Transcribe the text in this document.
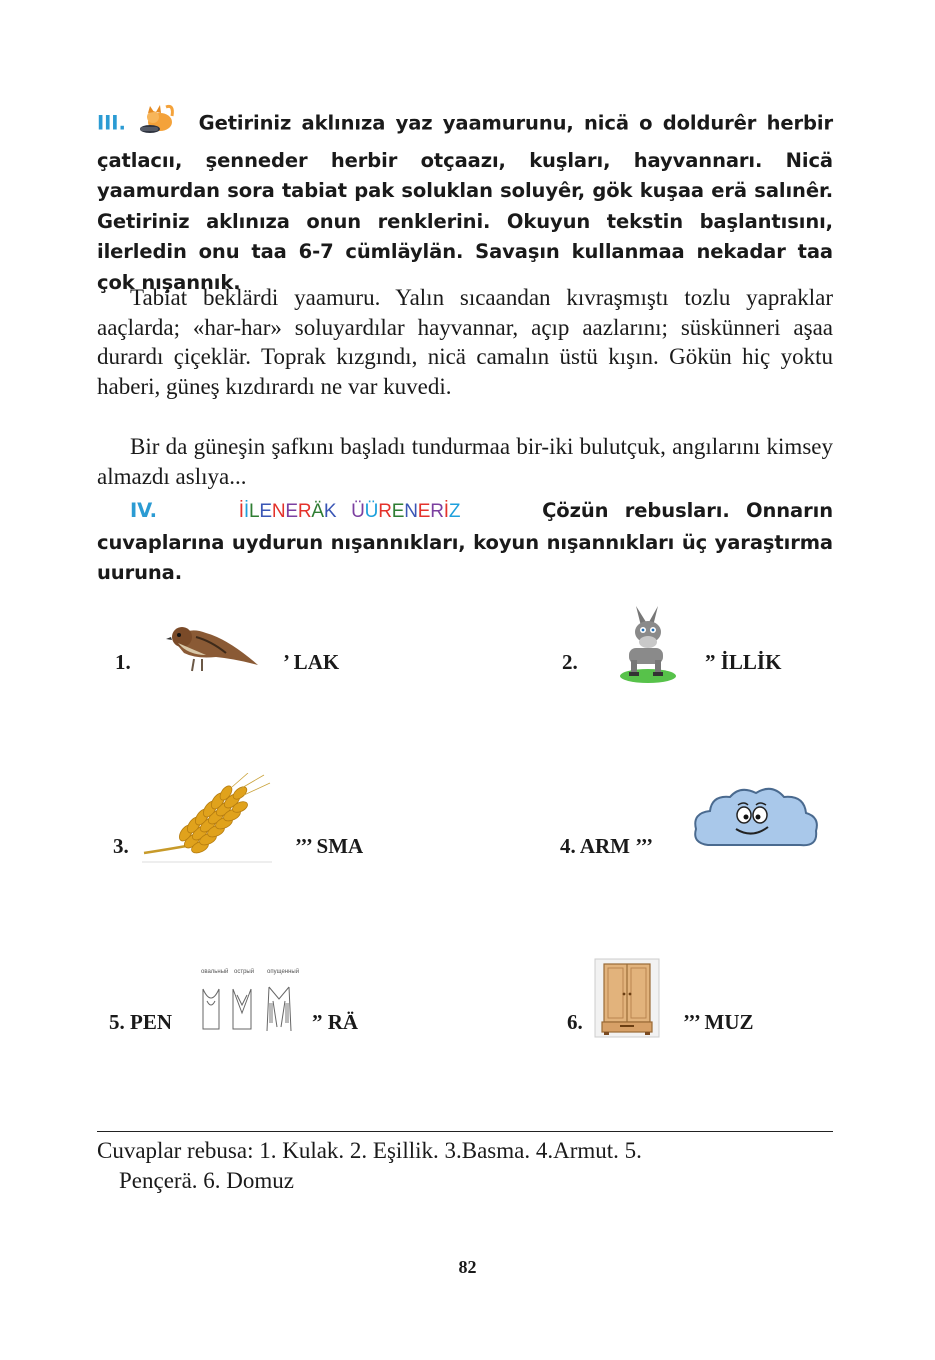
III.	Getiriniz aklınıza yaz yaamurunu, nicä o doldurêr herbir çatlacıı, şenneder herbir otçaazı, kuşları, hayvannarı. Nicä yaamurdan sora tabiat pak soluklan soluyêr, gök kuşaa erä salınêr. Getiriniz aklınıza onun renklerini. Okuyun tekstin başlantısını, ilerledin onu taa 6-7 cümläylän. Savaşın kullanmaa nekadar taa çok nışannık.
Tabiat beklärdi yaamuru. Yalın sıcaandan kıvraşmıştı tozlu yapraklar aaçlarda; «har-har» soluyardılar hayvannar, açıp aazlarını; süskünneri aşaa durardı çiçeklär. Toprak kızgındı, nicä camalın üstü kışın. Gökün hiç yoktu haberi, güneş kızdırardı ne var kuvedi.
Bir da güneşin şafkını başladı tundurmaa bir-iki bulutçuk, angılarını kimsey almazdı aslıya...
IV.	İİLENERÄK ÜÜRENERİZ	Çözün rebusları. Onnarın cuvaplarına uydurun nışannıkları, koyun nışannıkları üç yaraştırma uuruna.
1.	’ LAK	2.	” İLLİK
3.	’’’ SMA	4. ARM ’’’
5. PEN
овальный острый опущенный
” RÄ	6.	’’’ MUZ
Cuvaplar rebusa: 1. Kulak. 2. Eşillik. 3.Basma. 4.Armut. 5.
Pençerä. 6. Domuz
82
